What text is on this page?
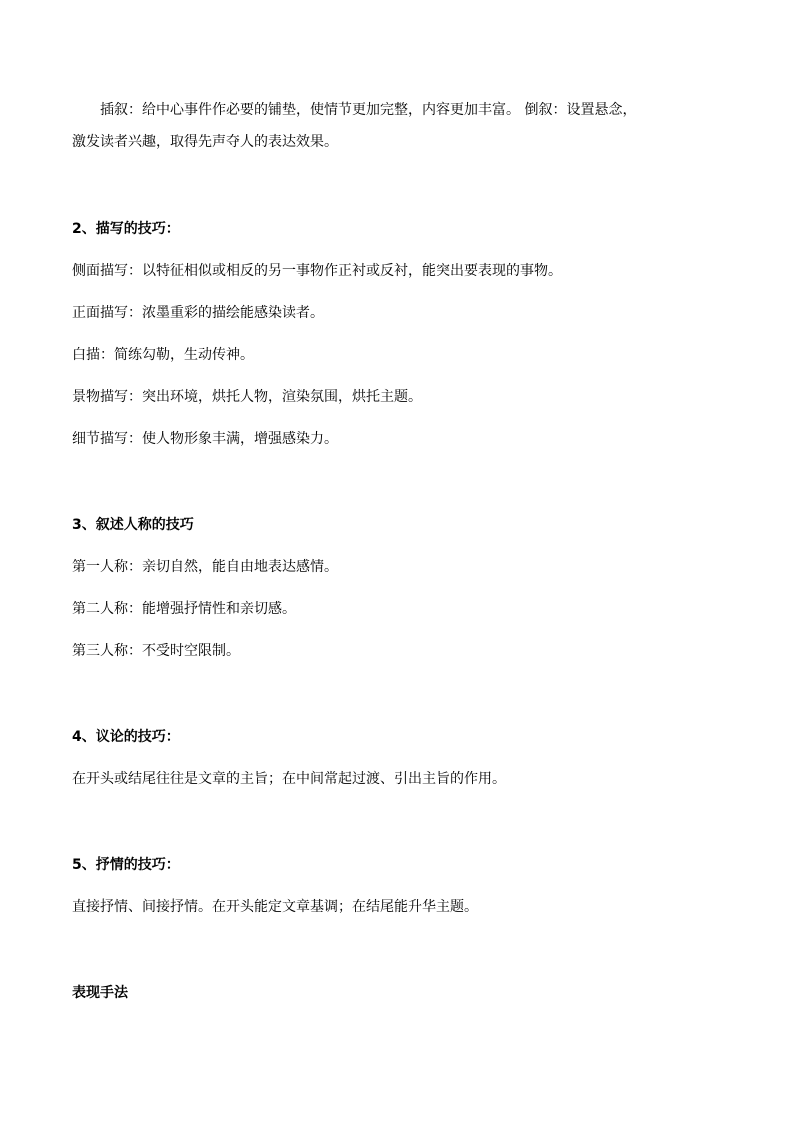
插叙：给中心事件作必要的铺垫，使情节更加完整，内容更加丰富。 倒叙：设置悬念，
激发读者兴趣，取得先声夺人的表达效果。
2、描写的技巧：
侧面描写：以特征相似或相反的另一事物作正衬或反衬，能突出要表现的事物。
正面描写：浓墨重彩的描绘能感染读者。
白描：简练勾勒，生动传神。
景物描写：突出环境，烘托人物，渲染氛围，烘托主题。
细节描写：使人物形象丰满，增强感染力。
3、叙述人称的技巧
第一人称：亲切自然，能自由地表达感情。
第二人称：能增强抒情性和亲切感。
第三人称：不受时空限制。
4、议论的技巧：
在开头或结尾往往是文章的主旨；在中间常起过渡、引出主旨的作用。
5、抒情的技巧：
直接抒情、间接抒情。在开头能定文章基调；在结尾能升华主题。
表现手法
